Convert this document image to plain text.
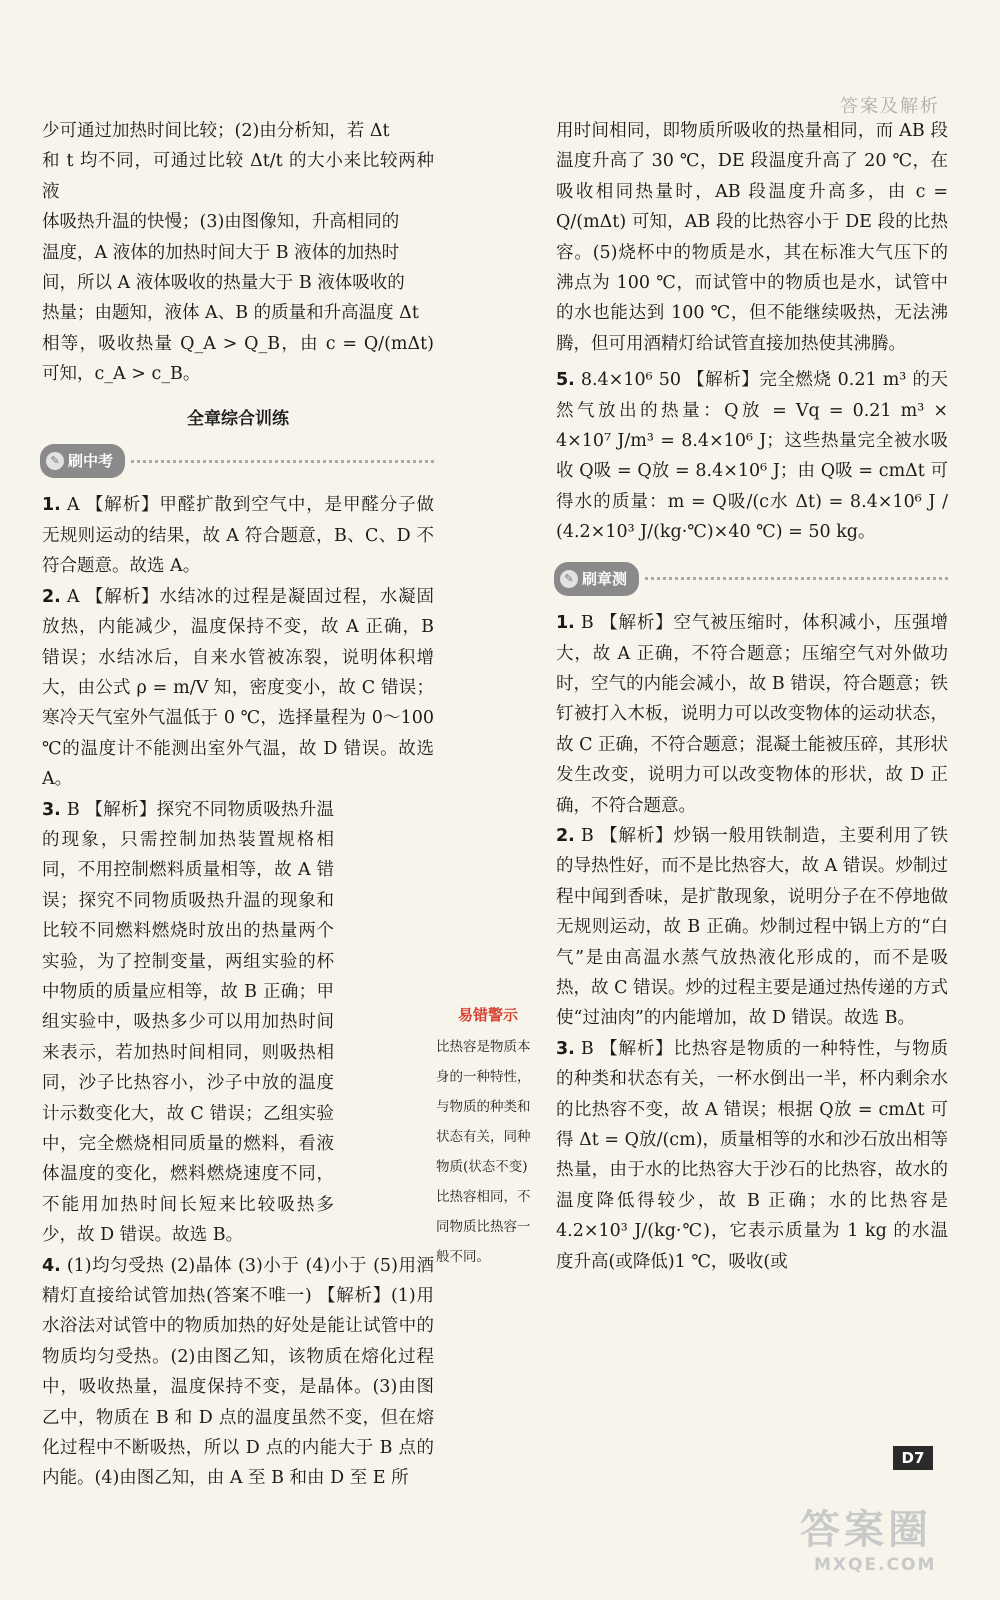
答案及解析

少可通过加热时间比较；(2)由分析知，若 Δt

和 t 均不同，可通过比较 Δt/t 的大小来比较两种液

体吸热升温的快慢；(3)由图像知，升高相同的

温度，A 液体的加热时间大于 B 液体的加热时

间，所以 A 液体吸收的热量大于 B 液体吸收的

热量；由题知，液体 A、B 的质量和升高温度 Δt

相等，吸收热量 Q_A > Q_B，由 c = Q/(mΔt) 可知，c_A > c_B。

全章综合训练
✎ 刷中考

1. A 【解析】甲醛扩散到空气中，是甲醛分子做无规则运动的结果，故 A 符合题意，B、C、D 不符合题意。故选 A。

2. A 【解析】水结冰的过程是凝固过程，水凝固放热，内能减少，温度保持不变，故 A 正确，B 错误；水结冰后，自来水管被冻裂，说明体积增大，由公式 ρ = m/V 知，密度变小，故 C 错误；寒冷天气室外气温低于 0 ℃，选择量程为 0～100 ℃的温度计不能测出室外气温，故 D 错误。故选 A。

3. B 【解析】探究不同物质吸热升温的现象，只需控制加热装置规格相同，不用控制燃料质量相等，故 A 错误；探究不同物质吸热升温的现象和比较不同燃料燃烧时放出的热量两个实验，为了控制变量，两组实验的杯中物质的质量应相等，故 B 正确；甲组实验中，吸热多少可以用加热时间来表示，若加热时间相同，则吸热相同，沙子比热容小，沙子中放的温度计示数变化大，故 C 错误；乙组实验中，完全燃烧相同质量的燃料，看液体温度的变化，燃料燃烧速度不同，不能用加热时间长短来比较吸热多少，故 D 错误。故选 B。

4. (1)均匀受热 (2)晶体 (3)小于 (4)小于 (5)用酒精灯直接给试管加热(答案不唯一) 【解析】(1)用水浴法对试管中的物质加热的好处是能让试管中的物质均匀受热。(2)由图乙知，该物质在熔化过程中，吸收热量，温度保持不变，是晶体。(3)由图乙中，物质在 B 和 D 点的温度虽然不变，但在熔化过程中不断吸热，所以 D 点的内能大于 B 点的内能。(4)由图乙知，由 A 至 B 和由 D 至 E 所

易错警示

比热容是物质本身的一种特性，与物质的种类和状态有关，同种物质(状态不变)比热容相同，不同物质比热容一般不同。

用时间相同，即物质所吸收的热量相同，而 AB 段温度升高了 30 ℃，DE 段温度升高了 20 ℃，在吸收相同热量时，AB 段温度升高多，由 c = Q/(mΔt) 可知，AB 段的比热容小于 DE 段的比热容。(5)烧杯中的物质是水，其在标准大气压下的沸点为 100 ℃，而试管中的物质也是水，试管中的水也能达到 100 ℃，但不能继续吸热，无法沸腾，但可用酒精灯给试管直接加热使其沸腾。

5. 8.4×10⁶ 50 【解析】完全燃烧 0.21 m³ 的天然气放出的热量：Q放 = Vq = 0.21 m³ × 4×10⁷ J/m³ = 8.4×10⁶ J；这些热量完全被水吸收 Q吸 = Q放 = 8.4×10⁶ J；由 Q吸 = cmΔt 可得水的质量：m = Q吸/(c水 Δt) = 8.4×10⁶ J / (4.2×10³ J/(kg·℃)×40 ℃) = 50 kg。

✎ 刷章测

1. B 【解析】空气被压缩时，体积减小，压强增大，故 A 正确，不符合题意；压缩空气对外做功时，空气的内能会减小，故 B 错误，符合题意；铁钉被打入木板，说明力可以改变物体的运动状态，故 C 正确，不符合题意；混凝土能被压碎，其形状发生改变，说明力可以改变物体的形状，故 D 正确，不符合题意。

2. B 【解析】炒锅一般用铁制造，主要利用了铁的导热性好，而不是比热容大，故 A 错误。炒制过程中闻到香味，是扩散现象，说明分子在不停地做无规则运动，故 B 正确。炒制过程中锅上方的“白气”是由高温水蒸气放热液化形成的，而不是吸热，故 C 错误。炒的过程主要是通过热传递的方式使“过油肉”的内能增加，故 D 错误。故选 B。

3. B 【解析】比热容是物质的一种特性，与物质的种类和状态有关，一杯水倒出一半，杯内剩余水的比热容不变，故 A 错误；根据 Q放 = cmΔt 可得 Δt = Q放/(cm)，质量相等的水和沙石放出相等热量，由于水的比热容大于沙石的比热容，故水的温度降低得较少，故 B 正确；水的比热容是 4.2×10³ J/(kg·℃)，它表示质量为 1 kg 的水温度升高(或降低)1 ℃，吸收(或

D7
答案圈
MXQE.COM
